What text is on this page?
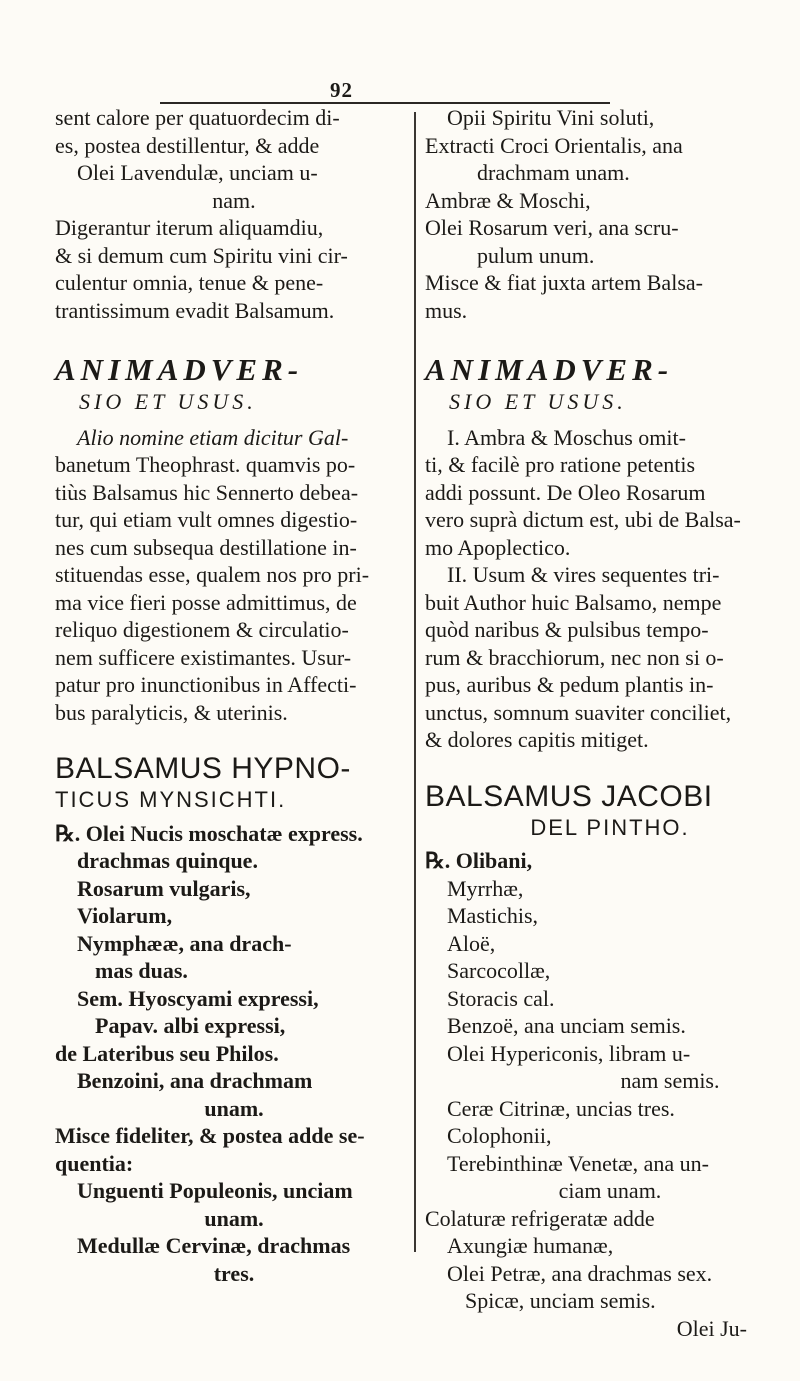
92

sent calore per quatuordecim di-

es, postea destillentur, & adde

Olei Lavendulæ, unciam u-

nam.

Digerantur iterum aliquamdiu,

& si demum cum Spiritu vini cir-

culentur omnia, tenue & pene-

trantissimum evadit Balsamum.

ANIMADVER-
SIO ET USUS.

Alio nomine etiam dicitur Gal-

banetum Theophrast. quamvis po-

tiùs Balsamus hic Sennerto debea-

tur, qui etiam vult omnes digestio-

nes cum subsequa destillatione in-

stituendas esse, qualem nos pro pri-

ma vice fieri posse admittimus, de

reliquo digestionem & circulatio-

nem sufficere existimantes. Usur-

patur pro inunctionibus in Affecti-

bus paralyticis, & uterinis.

BALSAMUS HYPNO-
TICUS MYNSICHTI.

℞. Olei Nucis moschatæ express.

drachmas quinque.

Rosarum vulgaris,

Violarum,

Nymphææ, ana drach-

mas duas.

Sem. Hyoscyami expressi,

Papav. albi expressi,

de Lateribus seu Philos.

Benzoini, ana drachmam

unam.

Misce fideliter, & postea adde se-

quentia:

Unguenti Populeonis, unciam

unam.

Medullæ Cervinæ, drachmas

tres.

Opii Spiritu Vini soluti,

Extracti Croci Orientalis, ana

drachmam unam.

Ambræ & Moschi,

Olei Rosarum veri, ana scru-

pulum unum.

Misce & fiat juxta artem Balsa-

mus.

ANIMADVER-
SIO ET USUS.

I. Ambra & Moschus omit-

ti, & facilè pro ratione petentis

addi possunt. De Oleo Rosarum

vero suprà dictum est, ubi de Balsa-

mo Apoplectico.

II. Usum & vires sequentes tri-

buit Author huic Balsamo, nempe

quòd naribus & pulsibus tempo-

rum & bracchiorum, nec non si o-

pus, auribus & pedum plantis in-

unctus, somnum suaviter conciliet,

& dolores capitis mitiget.

BALSAMUS JACOBI
DEL PINTHO.

℞. Olibani,

Myrrhæ,

Mastichis,

Aloë,

Sarcocollæ,

Storacis cal.

Benzoë, ana unciam semis.

Olei Hypericonis, libram u-

nam semis.

Ceræ Citrinæ, uncias tres.

Colophonii,

Terebinthinæ Venetæ, ana un-

ciam unam.

Colaturæ refrigeratæ adde

Axungiæ humanæ,

Olei Petræ, ana drachmas sex.

Spicæ, unciam semis.

Olei Ju-
